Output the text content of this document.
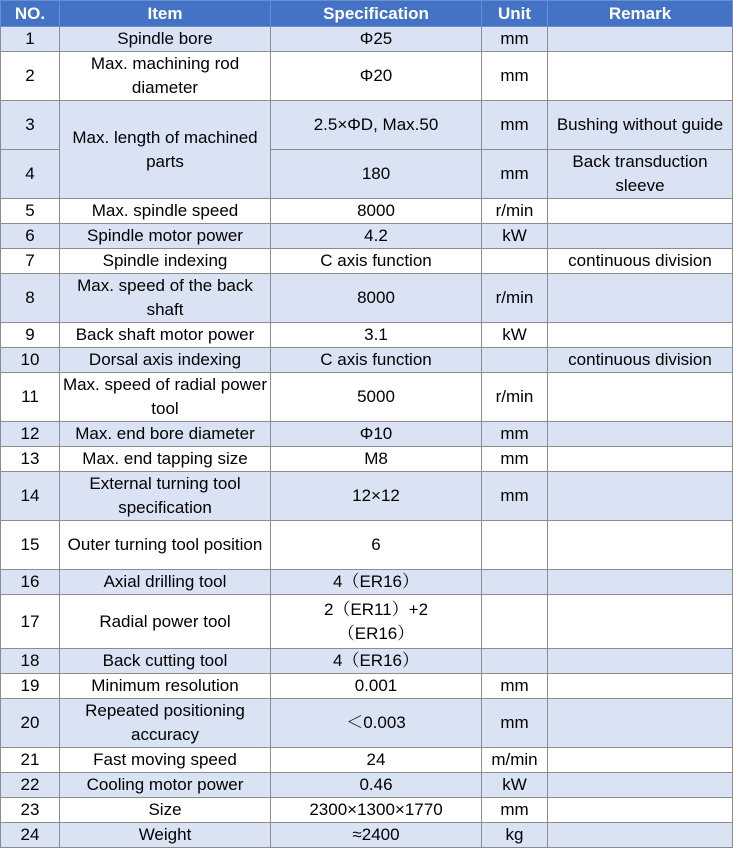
NO.	Item	Specification	Unit	Remark
1	Spindle bore	Φ25	mm	
2	Max. machining rod diameter	Φ20	mm	
3	Max. length of machined parts	2.5×ΦD, Max.50	mm	Bushing without guide
4		180	mm	Back transduction sleeve
5	Max. spindle speed	8000	r/min	
6	Spindle motor power	4.2	kW	
7	Spindle indexing	C axis function		continuous division
8	Max. speed of the back shaft	8000	r/min	
9	Back shaft motor power	3.1	kW	
10	Dorsal axis indexing	C axis function		continuous division
11	Max. speed of radial power tool	5000	r/min	
12	Max. end bore diameter	Φ10	mm	
13	Max. end tapping size	M8	mm	
14	External turning tool specification	12×12	mm	
15	Outer turning tool position	6		
16	Axial drilling tool	4（ER16）		
17	Radial power tool	2（ER11）+2（ER16）		
18	Back cutting tool	4（ER16）		
19	Minimum resolution	0.001	mm	
20	Repeated positioning accuracy	＜0.003	mm	
21	Fast moving speed	24	m/min	
22	Cooling motor power	0.46	kW	
23	Size	2300×1300×1770	mm	
24	Weight	≈2400	kg	
